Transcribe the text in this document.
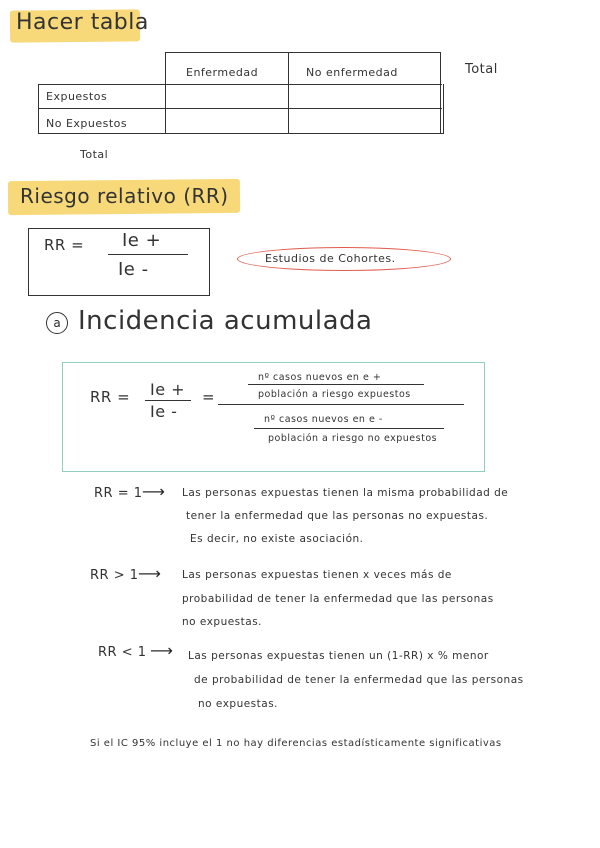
Hacer tabla
Enfermedad	No enfermedad	Total
Expuestos
No Expuestos
Total
Riesgo relativo (RR)
RR = Ie +
Ie -
Estudios de Cohortes.
a Incidencia acumulada
RR = Ie +
Ie -
=
nº casos nuevos en e +
población a riesgo expuestos
nº casos nuevos en e -
población a riesgo no expuestos
RR = 1 ⟶ Las personas expuestas tienen la misma probabilidad de
tener la enfermedad que las personas no expuestas.
Es decir, no existe asociación.
RR > 1 ⟶ Las personas expuestas tienen x veces más de
probabilidad de tener la enfermedad que las personas
no expuestas.
RR < 1 ⟶ Las personas expuestas tienen un (1-RR) x % menor
de probabilidad de tener la enfermedad que las personas
no expuestas.
Si el IC 95% incluye el 1 no hay diferencias estadísticamente significativas
